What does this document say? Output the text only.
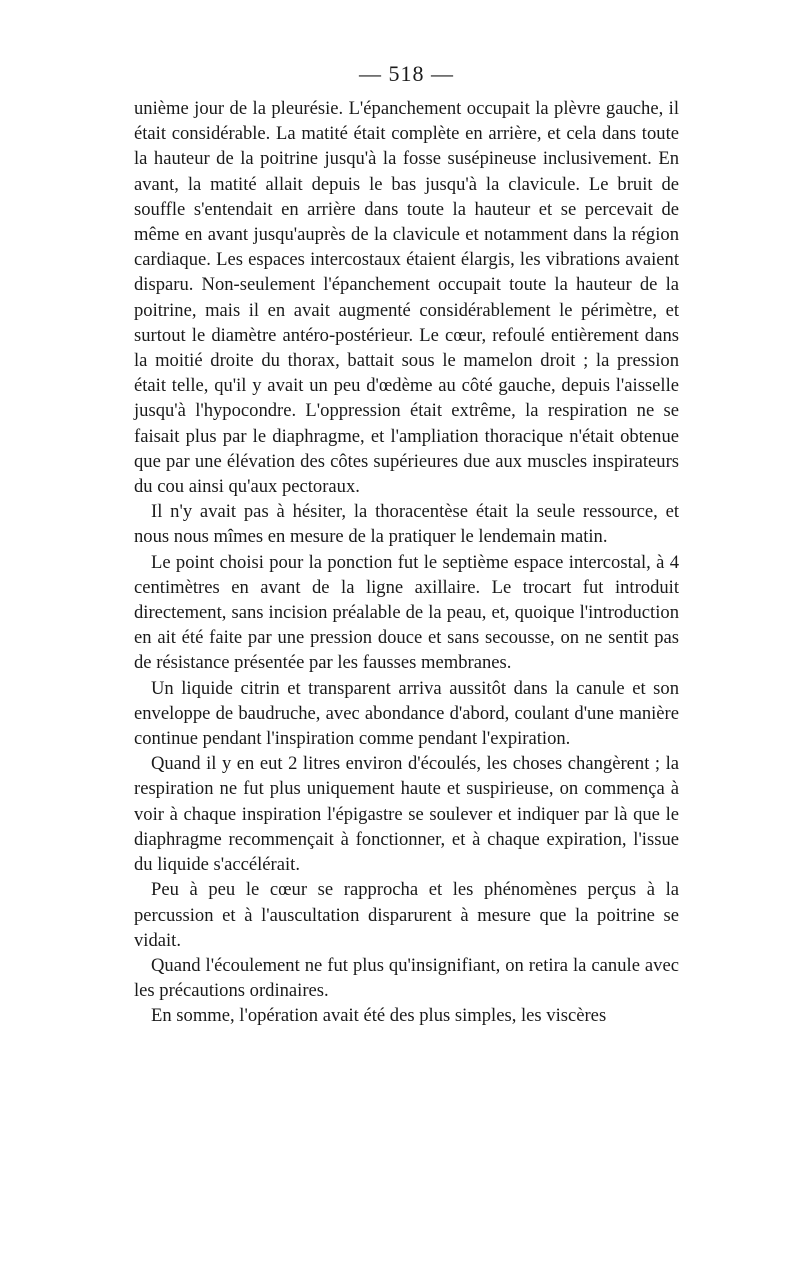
— 518 —

unième jour de la pleurésie. L'épanchement occupait la plèvre gauche, il était considérable. La matité était complète en arrière, et cela dans toute la hauteur de la poitrine jusqu'à la fosse susépineuse inclusivement. En avant, la matité allait depuis le bas jusqu'à la clavicule. Le bruit de souffle s'entendait en arrière dans toute la hauteur et se percevait de même en avant jusqu'auprès de la clavicule et notamment dans la région cardiaque. Les espaces intercostaux étaient élargis, les vibrations avaient disparu. Non-seulement l'épanchement occupait toute la hauteur de la poitrine, mais il en avait augmenté considérablement le périmètre, et surtout le diamètre antéro-postérieur. Le cœur, refoulé entièrement dans la moitié droite du thorax, battait sous le mamelon droit ; la pression était telle, qu'il y avait un peu d'œdème au côté gauche, depuis l'aisselle jusqu'à l'hypocondre. L'oppression était extrême, la respiration ne se faisait plus par le diaphragme, et l'ampliation thoracique n'était obtenue que par une élévation des côtes supérieures due aux muscles inspirateurs du cou ainsi qu'aux pectoraux.

Il n'y avait pas à hésiter, la thoracentèse était la seule ressource, et nous nous mîmes en mesure de la pratiquer le lendemain matin.

Le point choisi pour la ponction fut le septième espace intercostal, à 4 centimètres en avant de la ligne axillaire. Le trocart fut introduit directement, sans incision préalable de la peau, et, quoique l'introduction en ait été faite par une pression douce et sans secousse, on ne sentit pas de résistance présentée par les fausses membranes.

Un liquide citrin et transparent arriva aussitôt dans la canule et son enveloppe de baudruche, avec abondance d'abord, coulant d'une manière continue pendant l'inspiration comme pendant l'expiration.

Quand il y en eut 2 litres environ d'écoulés, les choses changèrent ; la respiration ne fut plus uniquement haute et suspirieuse, on commença à voir à chaque inspiration l'épigastre se soulever et indiquer par là que le diaphragme recommençait à fonctionner, et à chaque expiration, l'issue du liquide s'accélérait.

Peu à peu le cœur se rapprocha et les phénomènes perçus à la percussion et à l'auscultation disparurent à mesure que la poitrine se vidait.

Quand l'écoulement ne fut plus qu'insignifiant, on retira la canule avec les précautions ordinaires.

En somme, l'opération avait été des plus simples, les viscères
